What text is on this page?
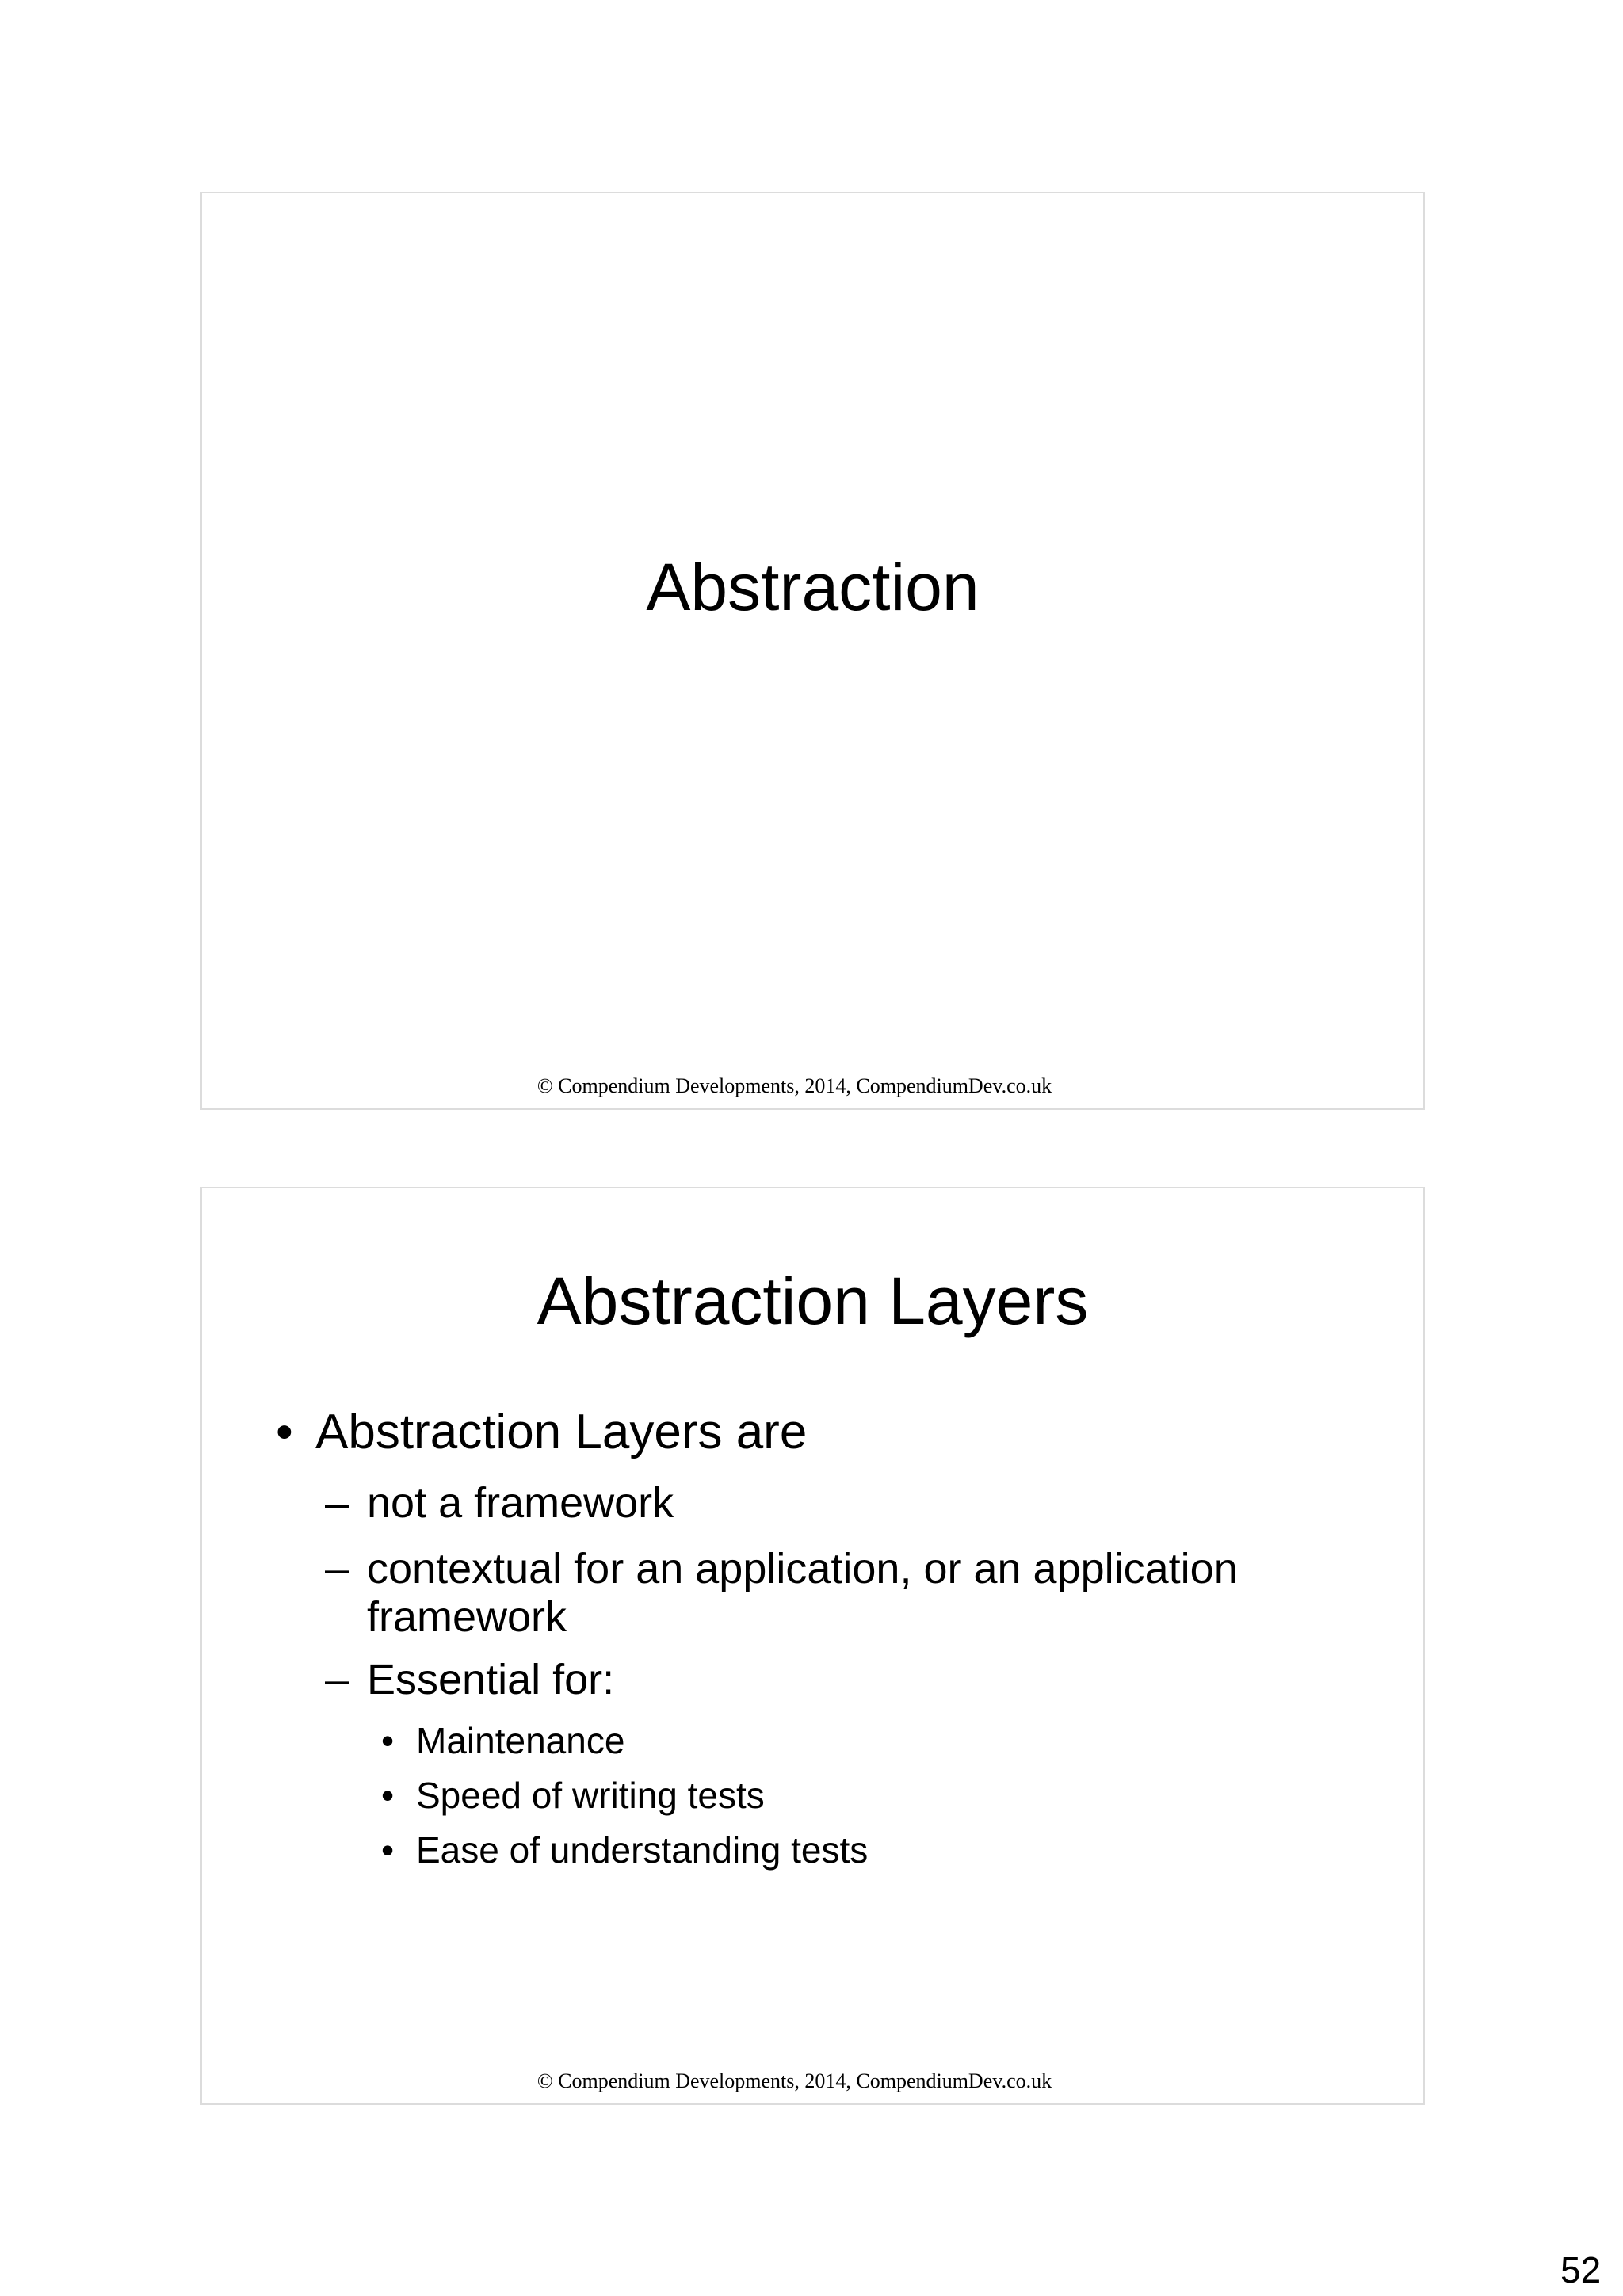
Abstraction
© Compendium Developments, 2014, CompendiumDev.co.uk
Abstraction Layers
• Abstraction Layers are
– not a framework
– contextual for an application, or an application framework
– Essential for:
• Maintenance
• Speed of writing tests
• Ease of understanding tests
© Compendium Developments, 2014, CompendiumDev.co.uk
52
